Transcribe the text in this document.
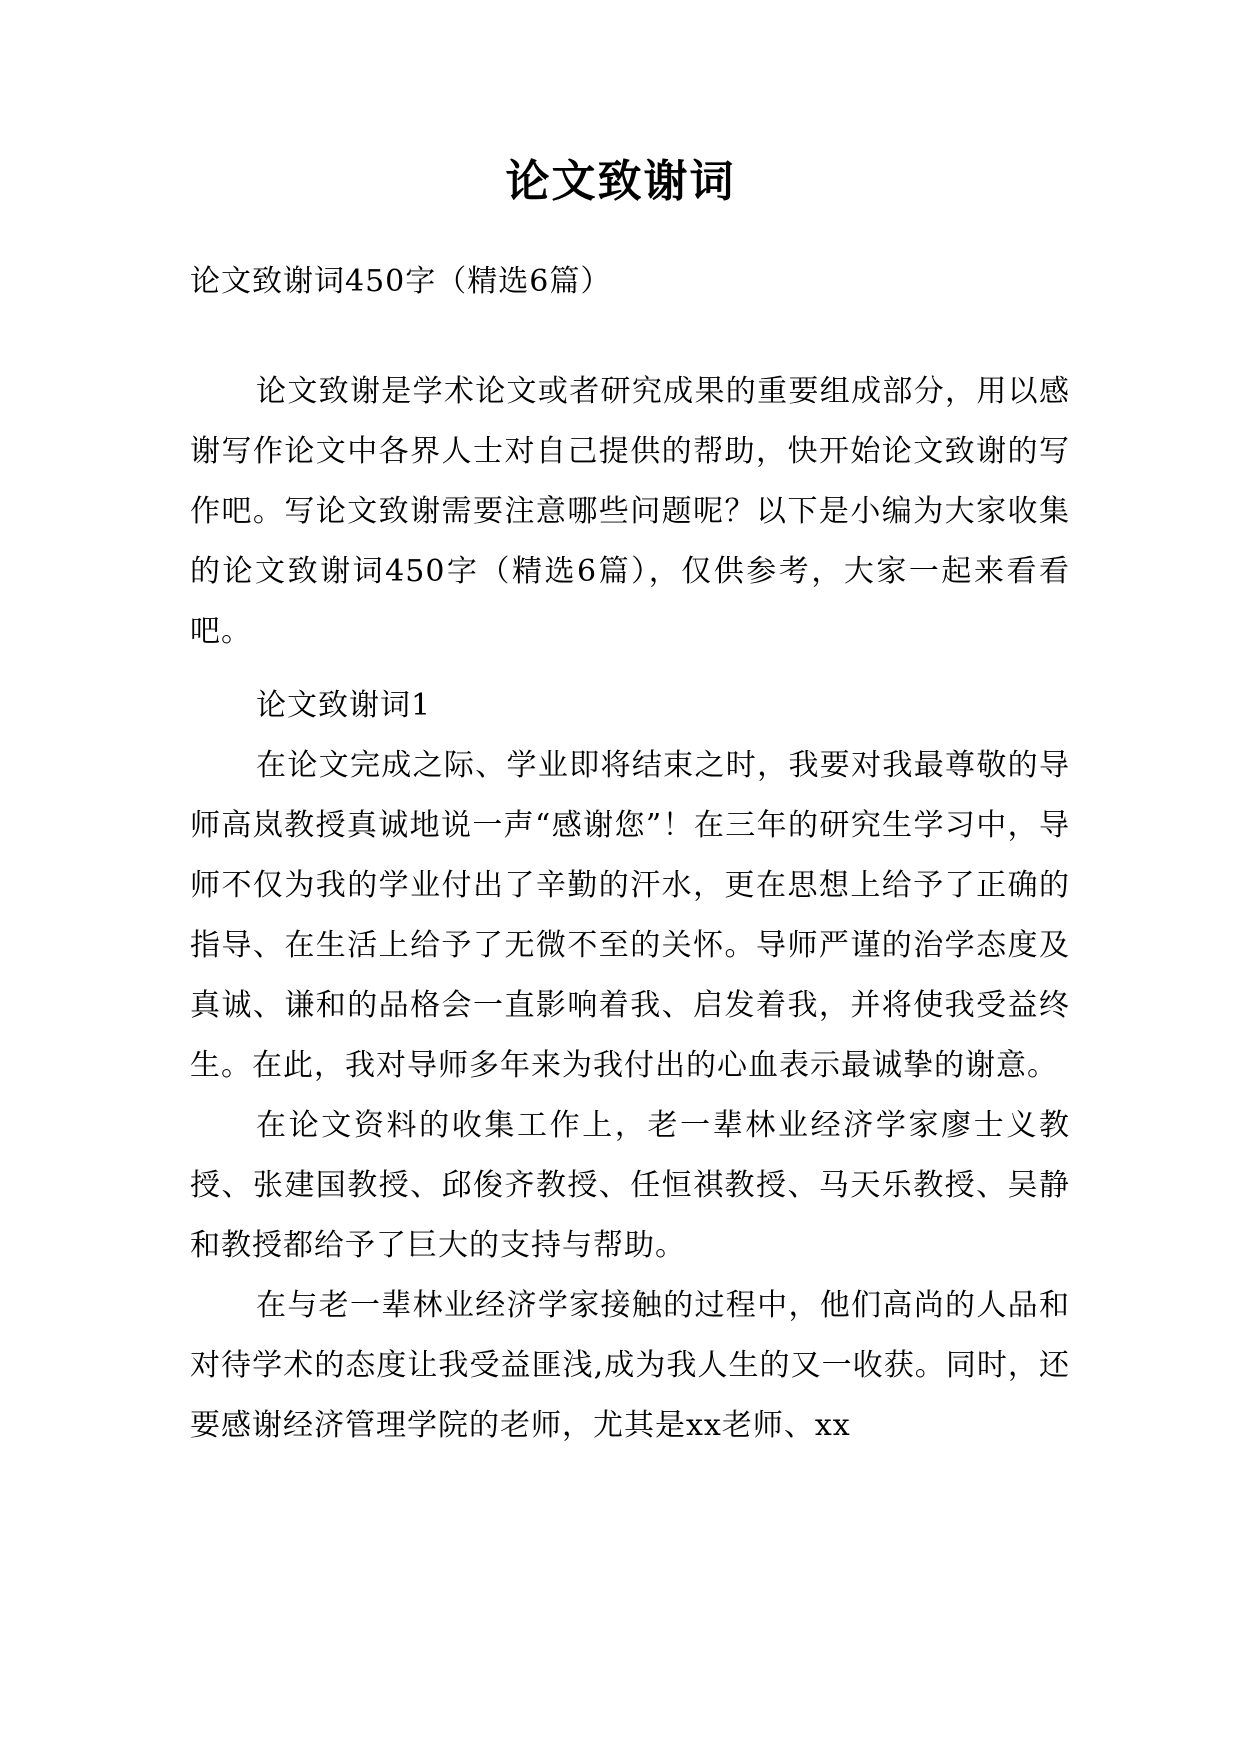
论文致谢词

论文致谢词450字（精选6篇）

论文致谢是学术论文或者研究成果的重要组成部分，用以感谢写作论文中各界人士对自己提供的帮助，快开始论文致谢的写作吧。写论文致谢需要注意哪些问题呢？以下是小编为大家收集的论文致谢词450字（精选6篇），仅供参考，大家一起来看看吧。

论文致谢词1

在论文完成之际、学业即将结束之时，我要对我最尊敬的导师高岚教授真诚地说一声“感谢您”！在三年的研究生学习中，导师不仅为我的学业付出了辛勤的汗水，更在思想上给予了正确的指导、在生活上给予了无微不至的关怀。导师严谨的治学态度及真诚、谦和的品格会一直影响着我、启发着我，并将使我受益终生。在此，我对导师多年来为我付出的心血表示最诚挚的谢意。

在论文资料的收集工作上，老一辈林业经济学家廖士义教授、张建国教授、邱俊齐教授、任恒祺教授、马天乐教授、吴静和教授都给予了巨大的支持与帮助。

在与老一辈林业经济学家接触的过程中，他们高尚的人品和对待学术的态度让我受益匪浅,成为我人生的又一收获。同时，还要感谢经济管理学院的老师，尤其是xx老师、xx
